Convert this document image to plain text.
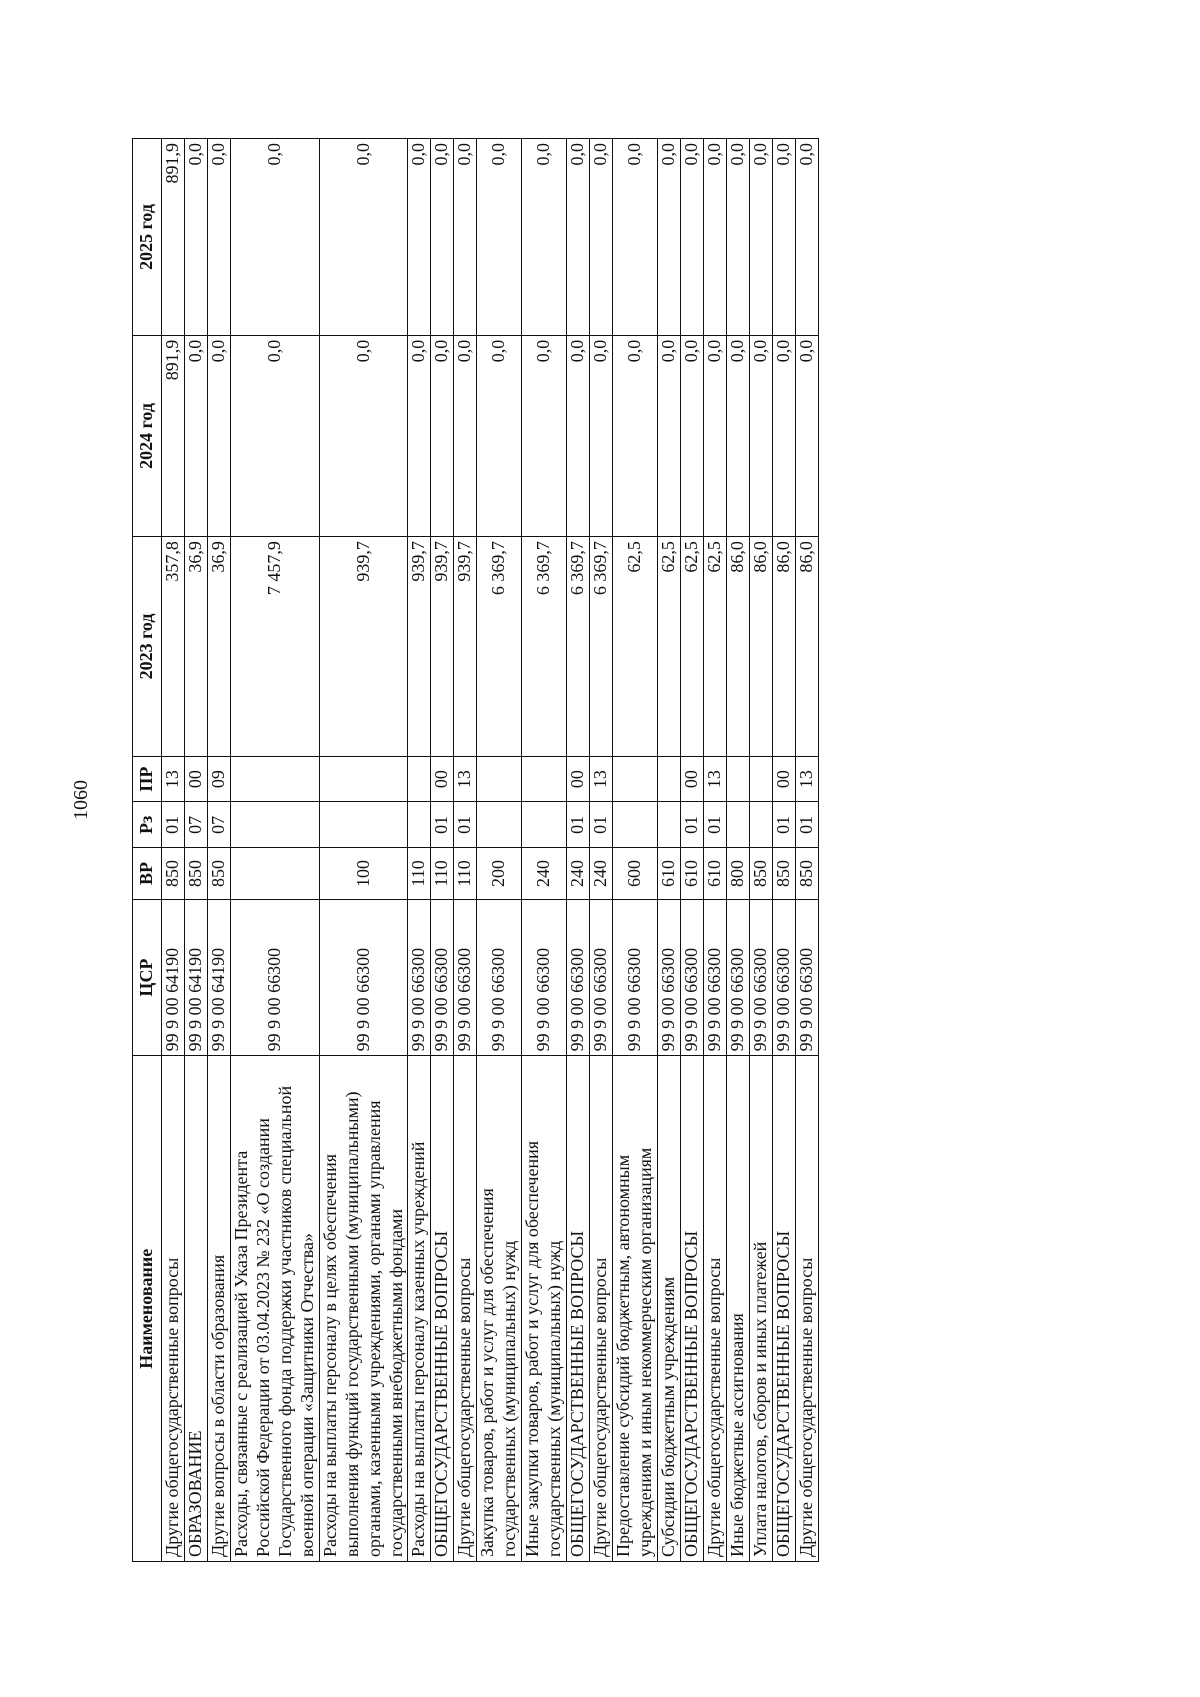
1060
Наименование	ЦСР	ВР	Рз	ПР	2023 год	2024 год	2025 год
Другие общегосударственные вопросы	99 9 00 64190	850	01	13	357,8	891,9	891,9
ОБРАЗОВАНИЕ	99 9 00 64190	850	07	00	36,9	0,0	0,0
Другие вопросы в области образования	99 9 00 64190	850	07	09	36,9	0,0	0,0
Расходы, связанные с реализацией Указа Президента Российской Федерации от 03.04.2023 № 232 «О создании Государственного фонда поддержки участников специальной военной операции «Защитники Отчества»	99 9 00 66300				7 457,9	0,0	0,0
Расходы на выплаты персоналу в целях обеспечения выполнения функций государственными (муниципальными) органами, казенными учреждениями, органами управления государственными внебюджетными фондами	99 9 00 66300	100			939,7	0,0	0,0
Расходы на выплаты персоналу казенных учреждений	99 9 00 66300	110			939,7	0,0	0,0
ОБЩЕГОСУДАРСТВЕННЫЕ ВОПРОСЫ	99 9 00 66300	110	01	00	939,7	0,0	0,0
Другие общегосударственные вопросы	99 9 00 66300	110	01	13	939,7	0,0	0,0
Закупка товаров, работ и услуг для обеспечения государственных (муниципальных) нужд	99 9 00 66300	200			6 369,7	0,0	0,0
Иные закупки товаров, работ и услуг для обеспечения государственных (муниципальных) нужд	99 9 00 66300	240			6 369,7	0,0	0,0
ОБЩЕГОСУДАРСТВЕННЫЕ ВОПРОСЫ	99 9 00 66300	240	01	00	6 369,7	0,0	0,0
Другие общегосударственные вопросы	99 9 00 66300	240	01	13	6 369,7	0,0	0,0
Предоставление субсидий бюджетным, автономным учреждениям и иным некоммерческим организациям	99 9 00 66300	600			62,5	0,0	0,0
Субсидии бюджетным учреждениям	99 9 00 66300	610			62,5	0,0	0,0
ОБЩЕГОСУДАРСТВЕННЫЕ ВОПРОСЫ	99 9 00 66300	610	01	00	62,5	0,0	0,0
Другие общегосударственные вопросы	99 9 00 66300	610	01	13	62,5	0,0	0,0
Иные бюджетные ассигнования	99 9 00 66300	800			86,0	0,0	0,0
Уплата налогов, сборов и иных платежей	99 9 00 66300	850			86,0	0,0	0,0
ОБЩЕГОСУДАРСТВЕННЫЕ ВОПРОСЫ	99 9 00 66300	850	01	00	86,0	0,0	0,0
Другие общегосударственные вопросы	99 9 00 66300	850	01	13	86,0	0,0	0,0
